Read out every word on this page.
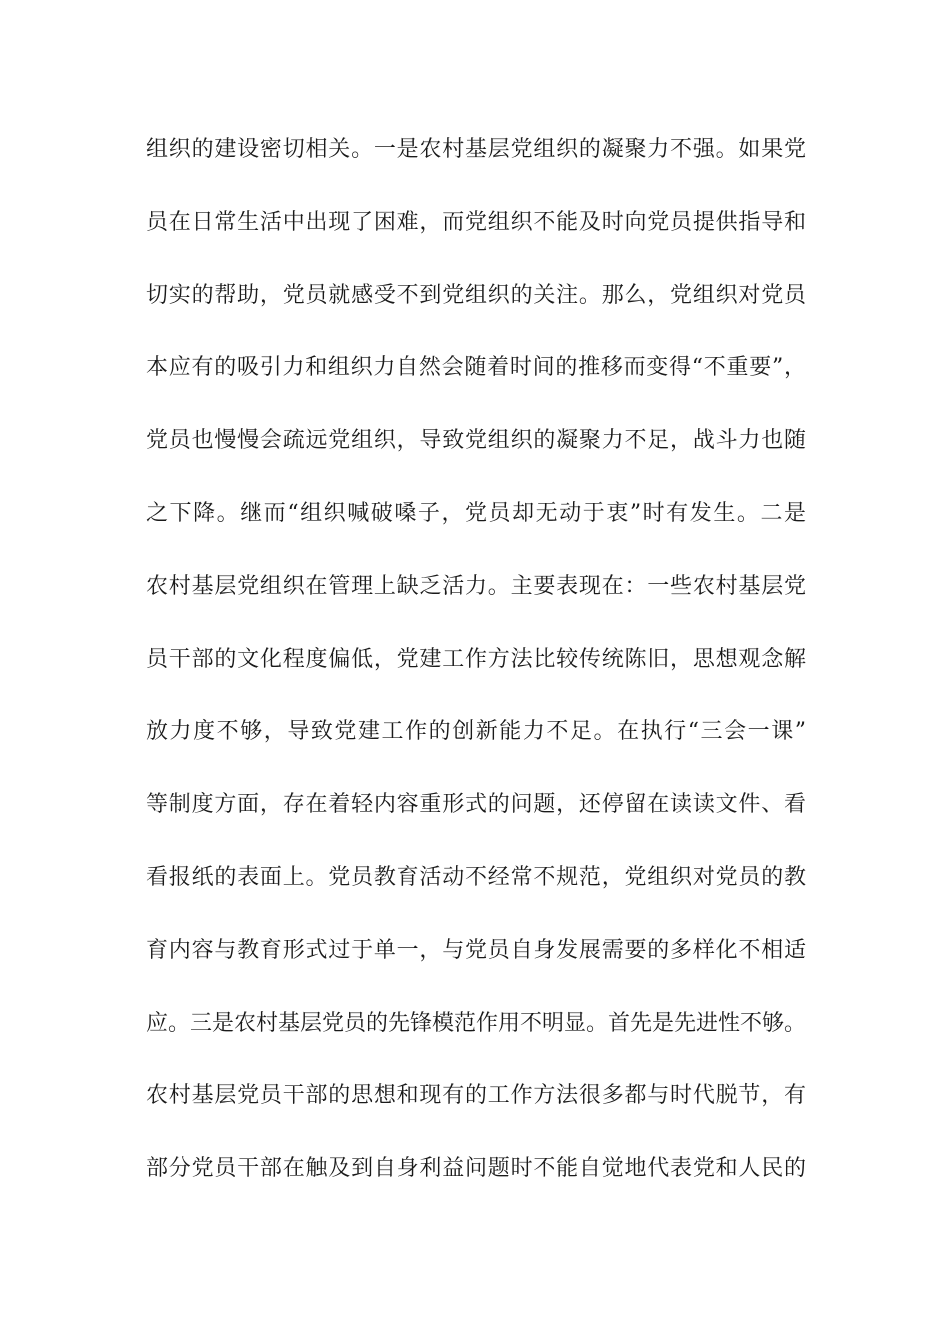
组织的建设密切相关。一是农村基层党组织的凝聚力不强。如果党
员在日常生活中出现了困难，而党组织不能及时向党员提供指导和
切实的帮助，党员就感受不到党组织的关注。那么，党组织对党员
本应有的吸引力和组织力自然会随着时间的推移而变得“不重要”，
党员也慢慢会疏远党组织，导致党组织的凝聚力不足，战斗力也随
之下降。继而“组织喊破嗓子，党员却无动于衷”时有发生。二是
农村基层党组织在管理上缺乏活力。主要表现在：一些农村基层党
员干部的文化程度偏低，党建工作方法比较传统陈旧，思想观念解
放力度不够，导致党建工作的创新能力不足。在执行“三会一课”
等制度方面，存在着轻内容重形式的问题，还停留在读读文件、看
看报纸的表面上。党员教育活动不经常不规范，党组织对党员的教
育内容与教育形式过于单一，与党员自身发展需要的多样化不相适
应。三是农村基层党员的先锋模范作用不明显。首先是先进性不够。
农村基层党员干部的思想和现有的工作方法很多都与时代脱节，有
部分党员干部在触及到自身利益问题时不能自觉地代表党和人民的
